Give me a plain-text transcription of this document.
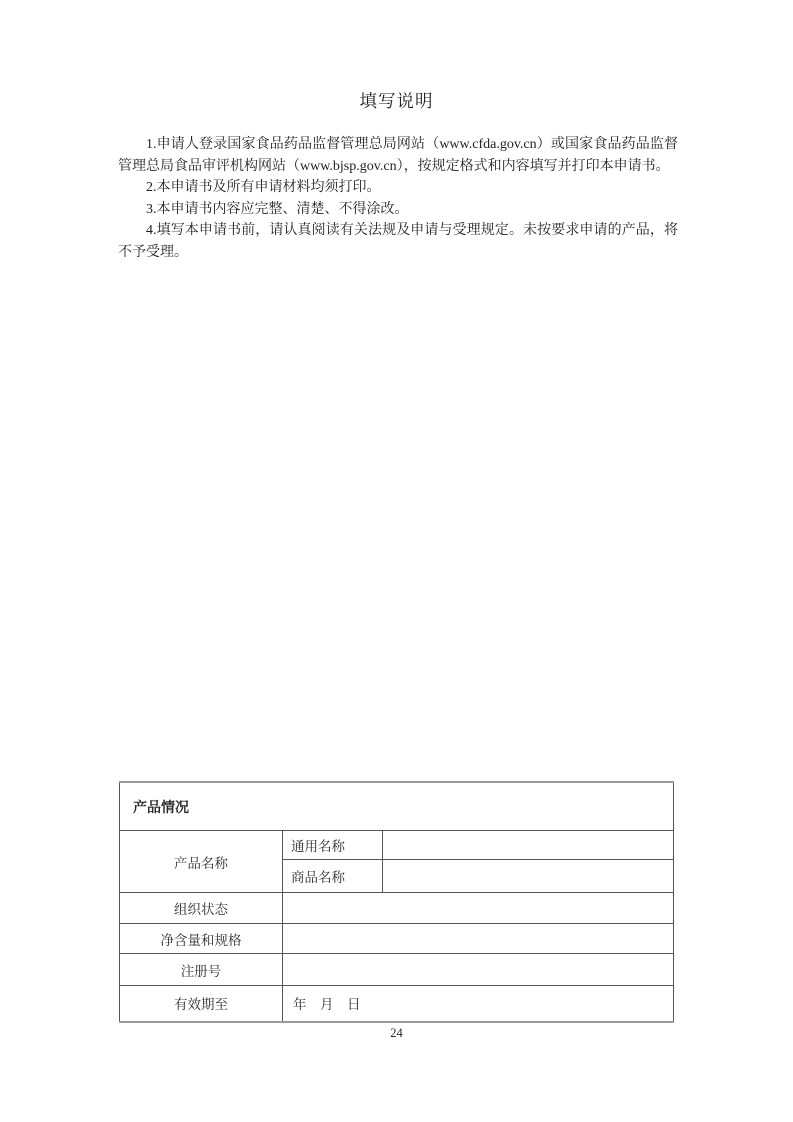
填写说明

1.申请人登录国家食品药品监督管理总局网站（www.cfda.gov.cn）或国家食品药品监督管理总局食品审评机构网站（www.bjsp.gov.cn），按规定格式和内容填写并打印本申请书。

2.本申请书及所有申请材料均须打印。

3.本申请书内容应完整、清楚、不得涂改。

4.填写本申请书前，请认真阅读有关法规及申请与受理规定。未按要求申请的产品，将不予受理。

产品情况		
产品名称	通用名称	
	商品名称	
组织状态		
净含量和规格		
注册号		
有效期至	年　月　日	
24
